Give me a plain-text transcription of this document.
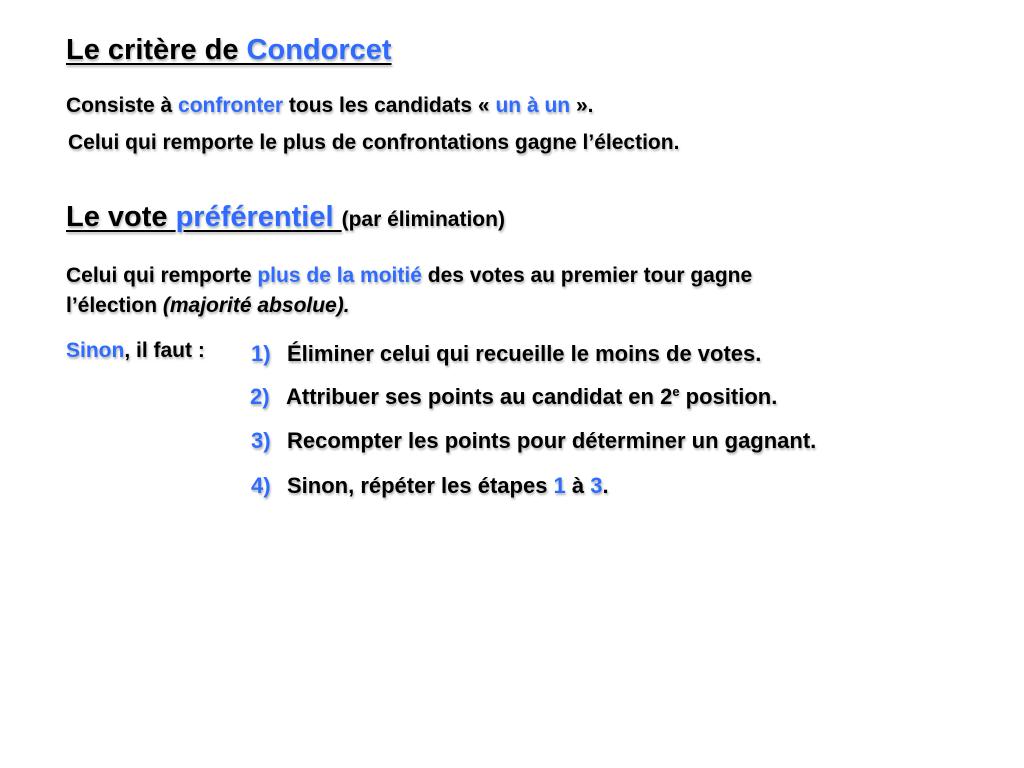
Le critère de Condorcet
Consiste à confronter tous les candidats « un à un ».
Celui qui remporte le plus de confrontations gagne l’élection.
Le vote préférentiel (par élimination)
Celui qui remporte plus de la moitié des votes au premier tour gagne
l’élection (majorité absolue).
Sinon, il faut : 1) Éliminer celui qui recueille le moins de votes.
2) Attribuer ses points au candidat en 2e position.
3) Recompter les points pour déterminer un gagnant.
4) Sinon, répéter les étapes 1 à 3.
